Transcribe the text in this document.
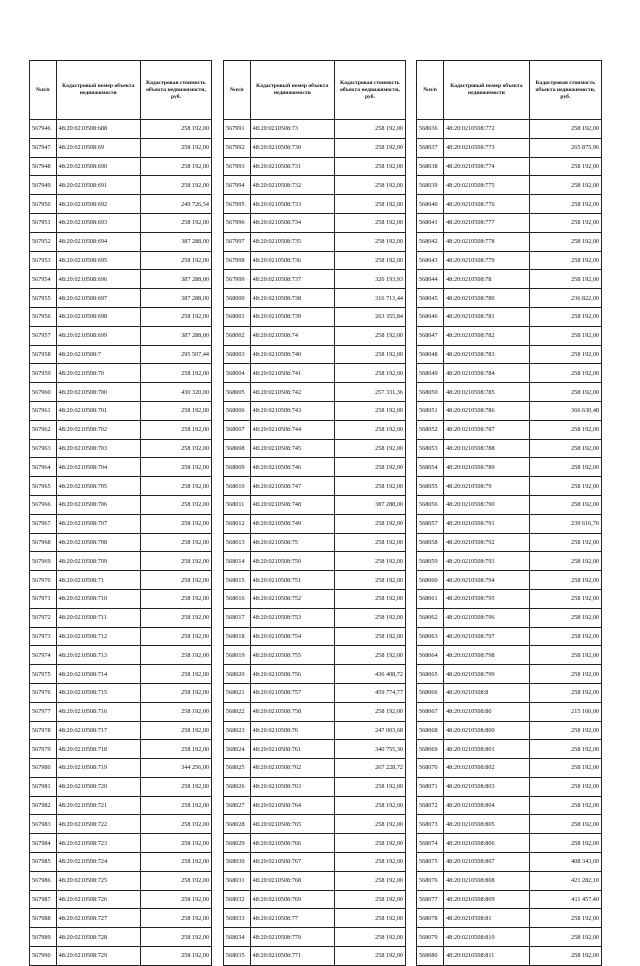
№п/п	Кадастровый номер объекта недвижимости	Кадастровая стоимость объекта недвижимости, руб.
567946	48:20:0210508:688	258 192,00
567947	48:20:0210508:69	258 192,00
567948	48:20:0210508:690	258 192,00
567949	48:20:0210508:691	258 192,00
567950	48:20:0210508:692	249 726,54
567951	48:20:0210508:693	258 192,00
567952	48:20:0210508:694	387 288,00
567953	48:20:0210508:695	258 192,00
567954	48:20:0210508:696	387 288,00
567955	48:20:0210508:697	387 288,00
567956	48:20:0210508:698	258 192,00
567957	48:20:0210508:699	387 288,00
567958	48:20:0210508:7	295 507,44
567959	48:20:0210508:70	258 192,00
567960	48:20:0210508:700	430 320,00
567961	48:20:0210508:701	258 192,00
567962	48:20:0210508:702	258 192,00
567963	48:20:0210508:703	258 192,00
567964	48:20:0210508:704	258 192,00
567965	48:20:0210508:705	258 192,00
567966	48:20:0210508:706	258 192,00
567967	48:20:0210508:707	258 192,00
567968	48:20:0210508:708	258 192,00
567969	48:20:0210508:709	258 192,00
567970	48:20:0210508:71	258 192,00
567971	48:20:0210508:710	258 192,00
567972	48:20:0210508:711	258 192,00
567973	48:20:0210508:712	258 192,00
567974	48:20:0210508:713	258 192,00
567975	48:20:0210508:714	258 192,00
567976	48:20:0210508:715	258 192,00
567977	48:20:0210508:716	258 192,00
567978	48:20:0210508:717	258 192,00
567979	48:20:0210508:718	258 192,00
567980	48:20:0210508:719	344 256,00
567981	48:20:0210508:720	258 192,00
567982	48:20:0210508:721	258 192,00
567983	48:20:0210508:722	258 192,00
567984	48:20:0210508:723	258 192,00
567985	48:20:0210508:724	258 192,00
567986	48:20:0210508:725	258 192,00
567987	48:20:0210508:726	258 192,00
567988	48:20:0210508:727	258 192,00
567989	48:20:0210508:728	258 192,00
567990	48:20:0210508:729	258 192,00
№п/п	Кадастровый номер объекта недвижимости	Кадастровая стоимость объекта недвижимости, руб.
567991	48:20:0210508:73	258 192,00
567992	48:20:0210508:730	258 192,00
567993	48:20:0210508:731	258 192,00
567994	48:20:0210508:732	258 192,00
567995	48:20:0210508:733	258 192,00
567996	48:20:0210508:734	258 192,00
567997	48:20:0210508:735	258 192,00
567998	48:20:0210508:736	258 192,00
567999	48:20:0210508:737	320 193,93
568000	48:20:0210508:738	316 713,44
568001	48:20:0210508:739	263 355,84
568002	48:20:0210508:74	258 192,00
568003	48:20:0210508:740	258 192,00
568004	48:20:0210508:741	258 192,00
568005	48:20:0210508:742	257 331,36
568006	48:20:0210508:743	258 192,00
568007	48:20:0210508:744	258 192,00
568008	48:20:0210508:745	258 192,00
568009	48:20:0210508:746	258 192,00
568010	48:20:0210508:747	258 192,00
568011	48:20:0210508:748	387 288,00
568012	48:20:0210508:749	258 192,00
568013	48:20:0210508:75	258 192,00
568014	48:20:0210508:750	258 192,00
568015	48:20:0210508:751	258 192,00
568016	48:20:0210508:752	258 192,00
568017	48:20:0210508:753	258 192,00
568018	48:20:0210508:754	258 192,00
568019	48:20:0210508:755	258 192,00
568020	48:20:0210508:756	436 408,72
568021	48:20:0210508:757	459 774,77
568022	48:20:0210508:758	258 192,00
568023	48:20:0210508:76	247 003,68
568024	48:20:0210508:761	340 755,30
568025	48:20:0210508:762	267 228,72
568026	48:20:0210508:763	258 192,00
568027	48:20:0210508:764	258 192,00
568028	48:20:0210508:765	258 192,00
568029	48:20:0210508:766	258 192,00
568030	48:20:0210508:767	258 192,00
568031	48:20:0210508:768	258 192,00
568032	48:20:0210508:769	258 192,00
568033	48:20:0210508:77	258 192,00
568034	48:20:0210508:770	258 192,00
568035	48:20:0210508:771	258 192,00
№п/п	Кадастровый номер объекта недвижимости	Кадастровая стоимость объекта недвижимости, руб.
568036	48:20:0210508:772	258 192,00
568037	48:20:0210508:773	265 875,96
568038	48:20:0210508:774	258 192,00
568039	48:20:0210508:775	258 192,00
568040	48:20:0210508:776	258 192,00
568041	48:20:0210508:777	258 192,00
568042	48:20:0210508:778	258 192,00
568043	48:20:0210508:779	258 192,00
568044	48:20:0210508:78	258 192,00
568045	48:20:0210508:780	236 822,00
568046	48:20:0210508:781	258 192,00
568047	48:20:0210508:782	258 192,00
568048	48:20:0210508:783	258 192,00
568049	48:20:0210508:784	258 192,00
568050	48:20:0210508:785	258 192,00
568051	48:20:0210508:786	366 630,48
568052	48:20:0210508:787	258 192,00
568053	48:20:0210508:788	258 192,00
568054	48:20:0210508:789	258 192,00
568055	48:20:0210508:79	258 192,00
568056	48:20:0210508:790	258 192,00
568057	48:20:0210508:791	239 616,70
568058	48:20:0210508:792	258 192,00
568059	48:20:0210508:793	258 192,00
568060	48:20:0210508:794	258 192,00
568061	48:20:0210508:795	258 192,00
568062	48:20:0210508:796	258 192,00
568063	48:20:0210508:797	258 192,00
568064	48:20:0210508:798	258 192,00
568065	48:20:0210508:799	258 192,00
568066	48:20:0210508:8	258 192,00
568067	48:20:0210508:80	215 160,00
568068	48:20:0210508:800	258 192,00
568069	48:20:0210508:801	258 192,00
568070	48:20:0210508:802	258 192,00
568071	48:20:0210508:803	258 192,00
568072	48:20:0210508:804	258 192,00
568073	48:20:0210508:805	258 192,00
568074	48:20:0210508:806	258 192,00
568075	48:20:0210508:807	408 343,60
568076	48:20:0210508:808	421 282,10
568077	48:20:0210508:809	411 457,40
568078	48:20:0210508:81	258 192,00
568079	48:20:0210508:810	258 192,00
568080	48:20:0210508:811	258 192,00
